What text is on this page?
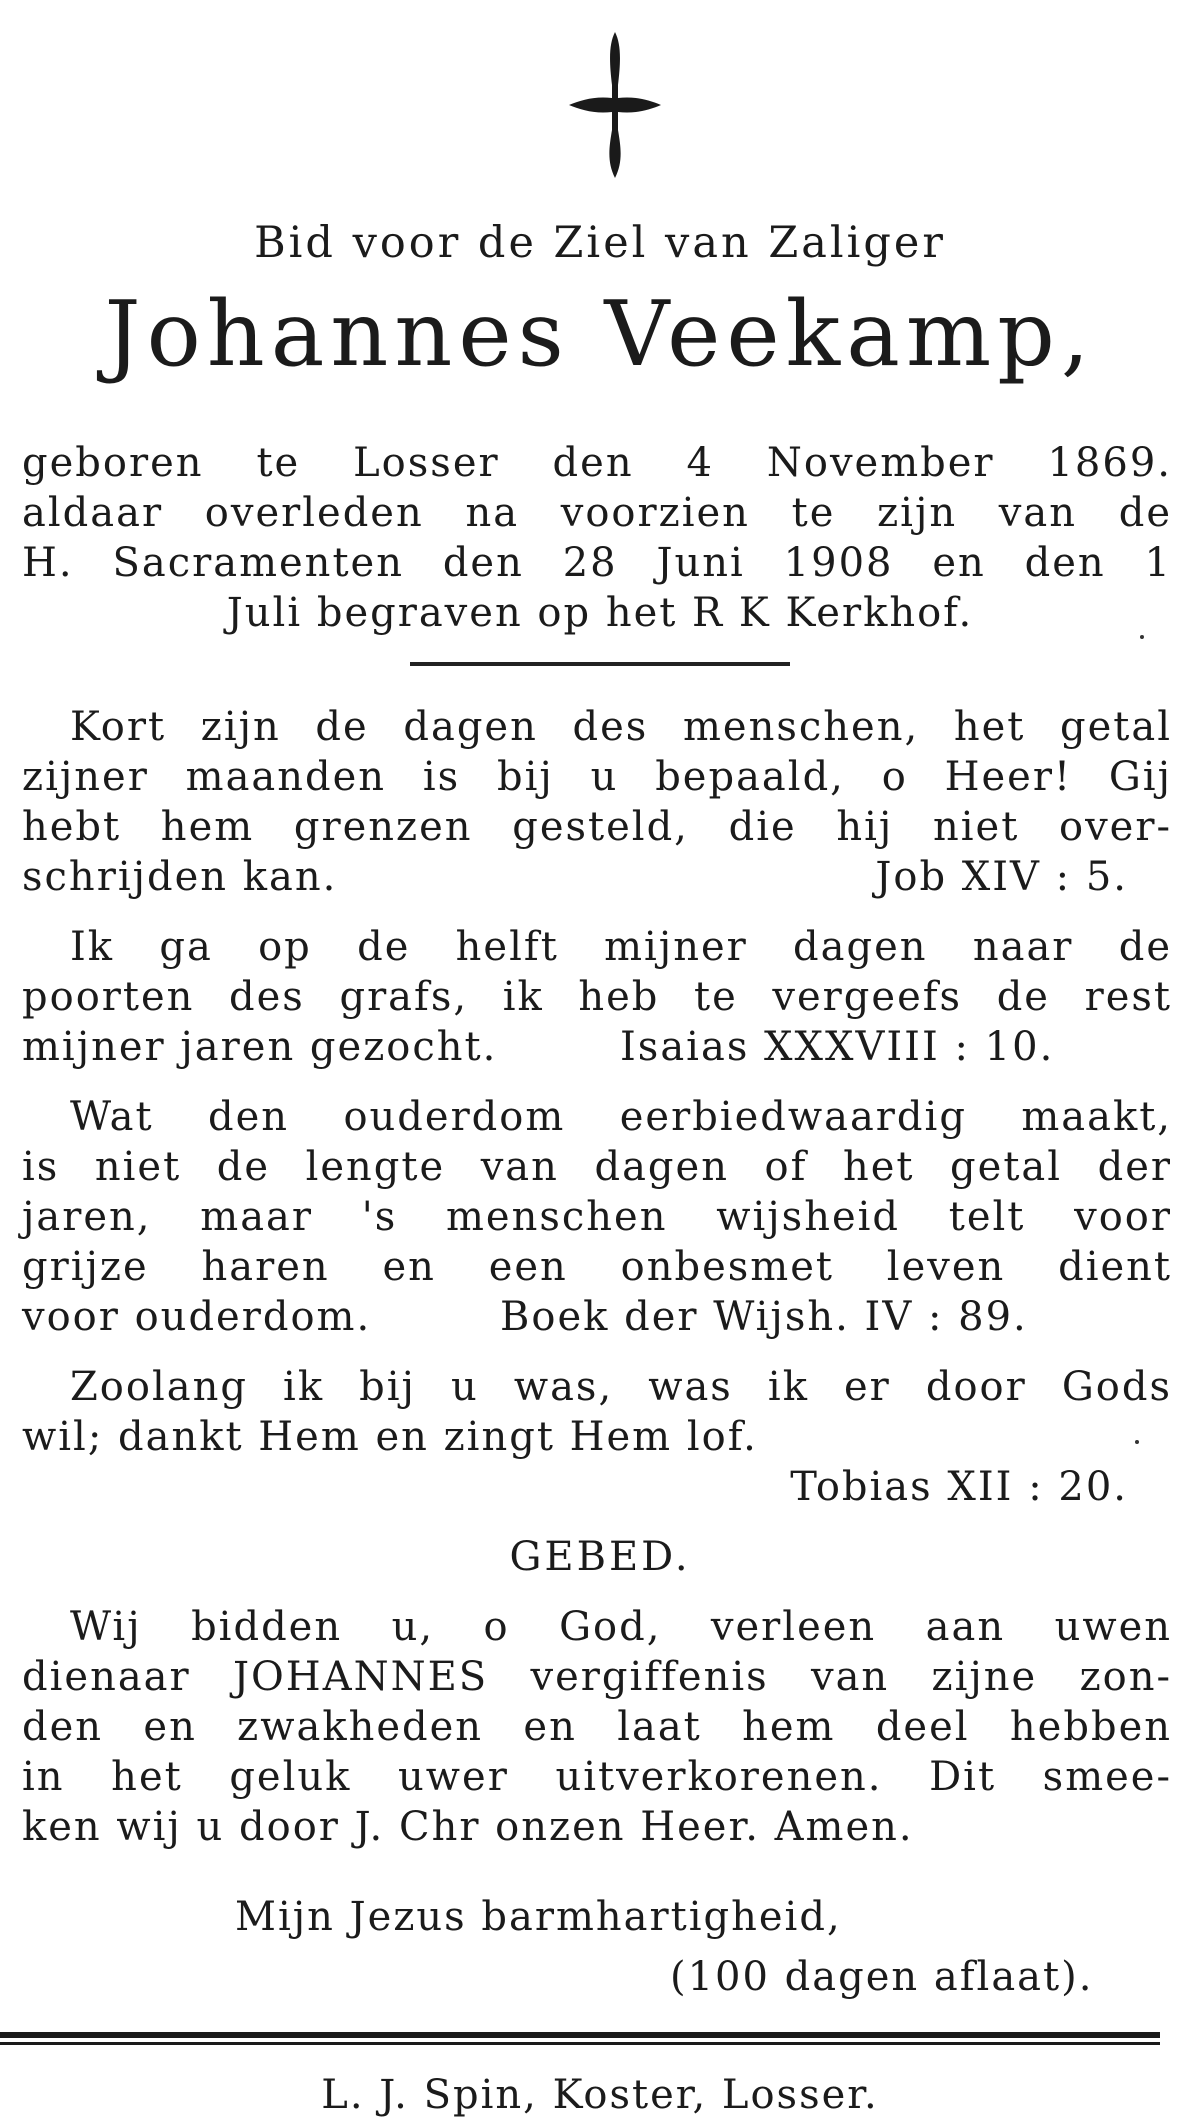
Bid voor de Ziel van Zaliger
Johannes Veekamp,
geboren te Losser den 4 November 1869.
aldaar overleden na voorzien te zijn van de
H. Sacramenten den 28 Juni 1908 en den 1
Juli begraven op het R K Kerkhof.
Kort zijn de dagen des menschen, het getal
zijner maanden is bij u bepaald, o Heer! Gij
hebt hem grenzen gesteld, die hij niet over-
schrijden kan.	Job XIV : 5.
Ik ga op de helft mijner dagen naar de
poorten des grafs, ik heb te vergeefs de rest
mijner jaren gezocht.	Isaias XXXVIII : 10.
Wat den ouderdom eerbiedwaardig maakt,
is niet de lengte van dagen of het getal der
jaren, maar 's menschen wijsheid telt voor
grijze haren en een onbesmet leven dient
voor ouderdom.	Boek der Wijsh. IV : 89.
Zoolang ik bij u was, was ik er door Gods
wil; dankt Hem en zingt Hem lof.
Tobias XII : 20.
GEBED.
Wij bidden u, o God, verleen aan uwen
dienaar JOHANNES vergiffenis van zijne zon-
den en zwakheden en laat hem deel hebben
in het geluk uwer uitverkorenen. Dit smee-
ken wij u door J. Chr onzen Heer. Amen.
Mijn Jezus barmhartigheid,
(100 dagen aflaat).
L. J. Spin, Koster, Losser.
